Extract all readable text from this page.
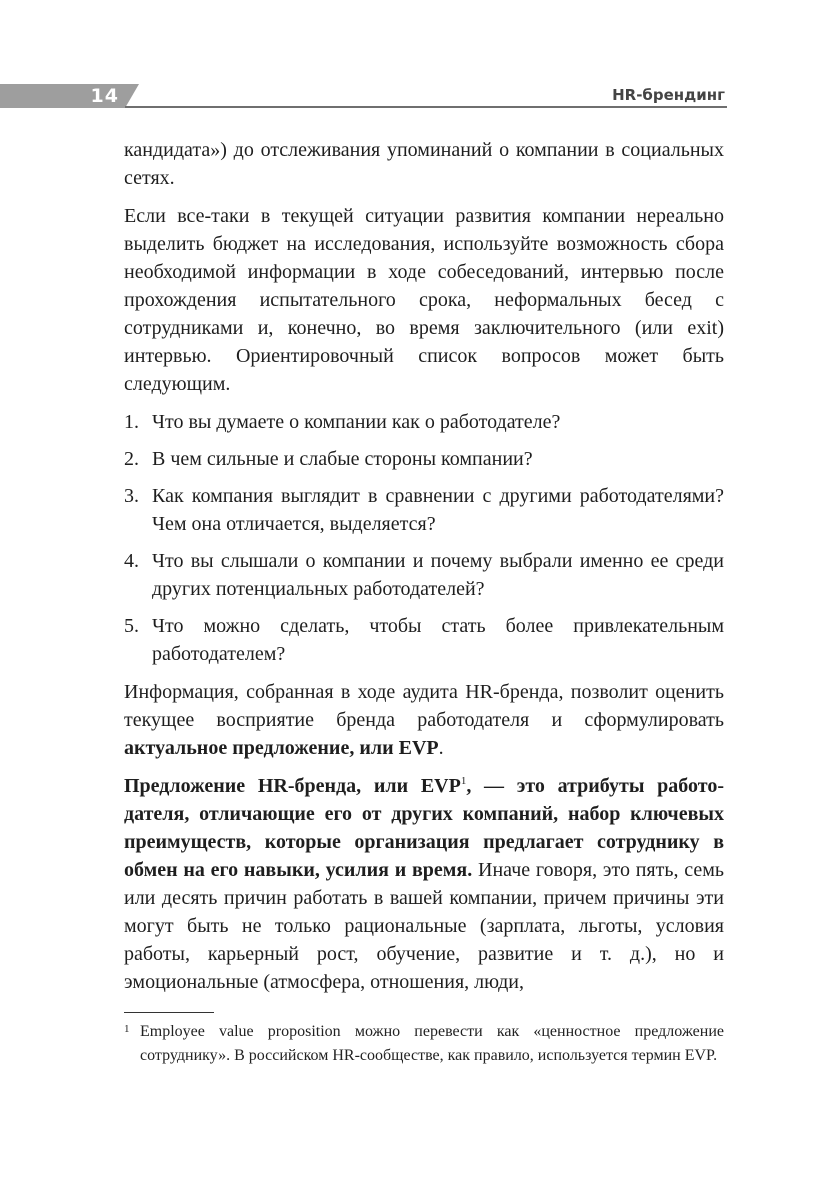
14	HR-брендинг

кандидата») до отслеживания упоминаний о компании в социальных сетях.

Если все-таки в текущей ситуации развития компании нереально выделить бюджет на исследования, используйте возможность сбора необходимой информации в ходе собеседований, интервью после прохождения испытательного срока, неформальных бесед с сотрудниками и, конечно, во время заключительного (или exit) интервью. Ориентировочный список вопросов может быть следующим.

1. Что вы думаете о компании как о работодателе?
2. В чем сильные и слабые стороны компании?
3. Как компания выглядит в сравнении с другими работодателями? Чем она отличается, выделяется?
4. Что вы слышали о компании и почему выбрали именно ее среди других потенциальных работодателей?
5. Что можно сделать, чтобы стать более привлекательным работодателем?

Информация, собранная в ходе аудита HR-бренда, позволит оценить текущее восприятие бренда работодателя и сформулировать актуальное предложение, или EVP.

Предложение HR-бренда, или EVP$^1$, — это атрибуты работодателя, отличающие его от других компаний, набор ключевых преимуществ, которые организация предлагает сотруднику в обмен на его навыки, усилия и время. Иначе говоря, это пять, семь или десять причин работать в вашей компании, причем причины эти могут быть не только рациональные (зарплата, льготы, условия работы, карьерный рост, обучение, развитие и т. д.), но и эмоциональные (атмосфера, отношения, люди,

1 Employee value proposition можно перевести как «ценностное предложение сотруднику». В российском HR-сообществе, как правило, используется термин EVP.
